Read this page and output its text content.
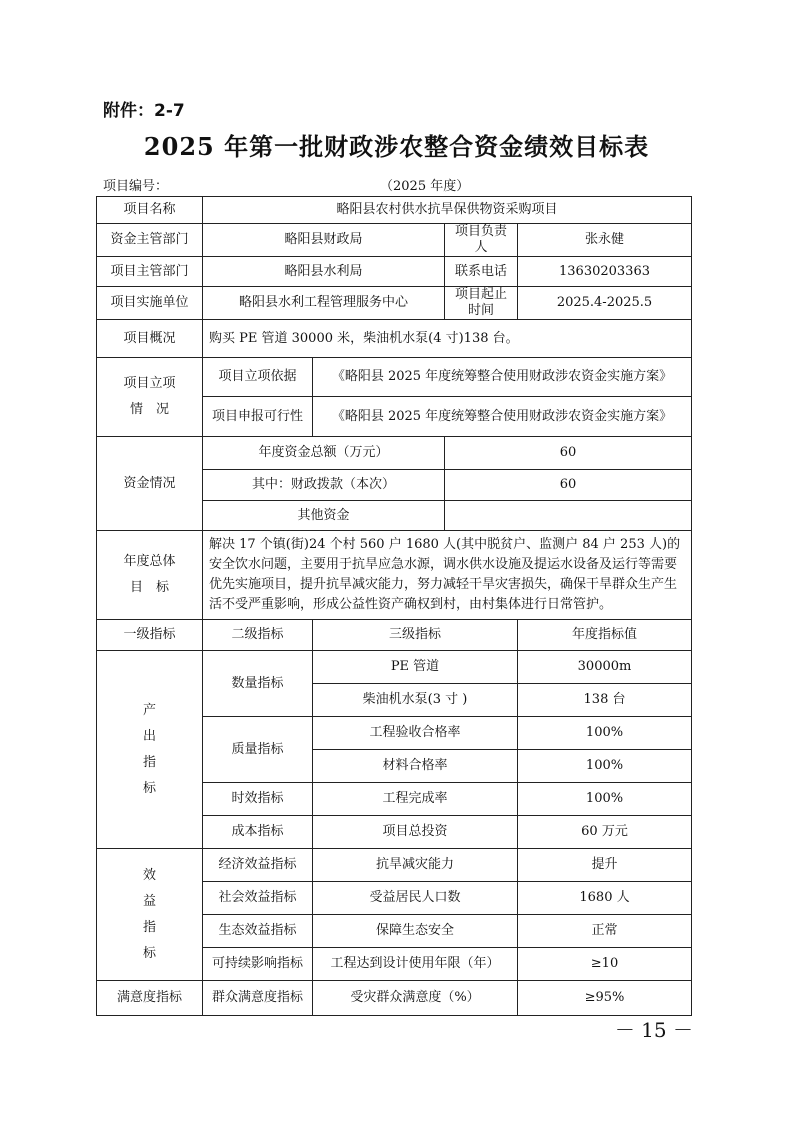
附件：2-7
2025 年第一批财政涉农整合资金绩效目标表
项目编号：	（2025 年度）
项目名称	略阳县农村供水抗旱保供物资采购项目			
资金主管部门	略阳县财政局		项目负责人	张永健
项目主管部门	略阳县水利局		联系电话	13630203363
项目实施单位	略阳县水利工程管理服务中心		项目起止时间	2025.4-2025.5
项目概况	购买 PE 管道 30000 米，柴油机水泵(4 寸)138 台。			
项目立项
情　况	项目立项依据	《略阳县 2025 年度统筹整合使用财政涉农资金实施方案》		
	项目申报可行性	《略阳县 2025 年度统筹整合使用财政涉农资金实施方案》		
资金情况	年度资金总额（万元）		60	
	其中：财政拨款（本次）		60	
	其他资金			
年度总体
目　标	解决 17 个镇(街)24 个村 560 户 1680 人(其中脱贫户、监测户 84 户 253 人)的安全饮水问题，主要用于抗旱应急水源，调水供水设施及提运水设备及运行等需要优先实施项目，提升抗旱减灾能力，努力减轻干旱灾害损失，确保干旱群众生产生活不受严重影响，形成公益性资产确权到村，由村集体进行日常管护。			
一级指标	二级指标	三级指标		年度指标值
产
出
指
标	数量指标	PE 管道		30000m
		柴油机水泵(3 寸 )		138 台
	质量指标	工程验收合格率		100%
		材料合格率		100%
	时效指标	工程完成率		100%
	成本指标	项目总投资		60 万元
效
益
指
标	经济效益指标	抗旱减灾能力		提升
	社会效益指标	受益居民人口数		1680 人
	生态效益指标	保障生态安全		正常
	可持续影响指标	工程达到设计使用年限（年）		≥10
满意度指标	群众满意度指标	受灾群众满意度（%）		≥95%
－ 15 －
